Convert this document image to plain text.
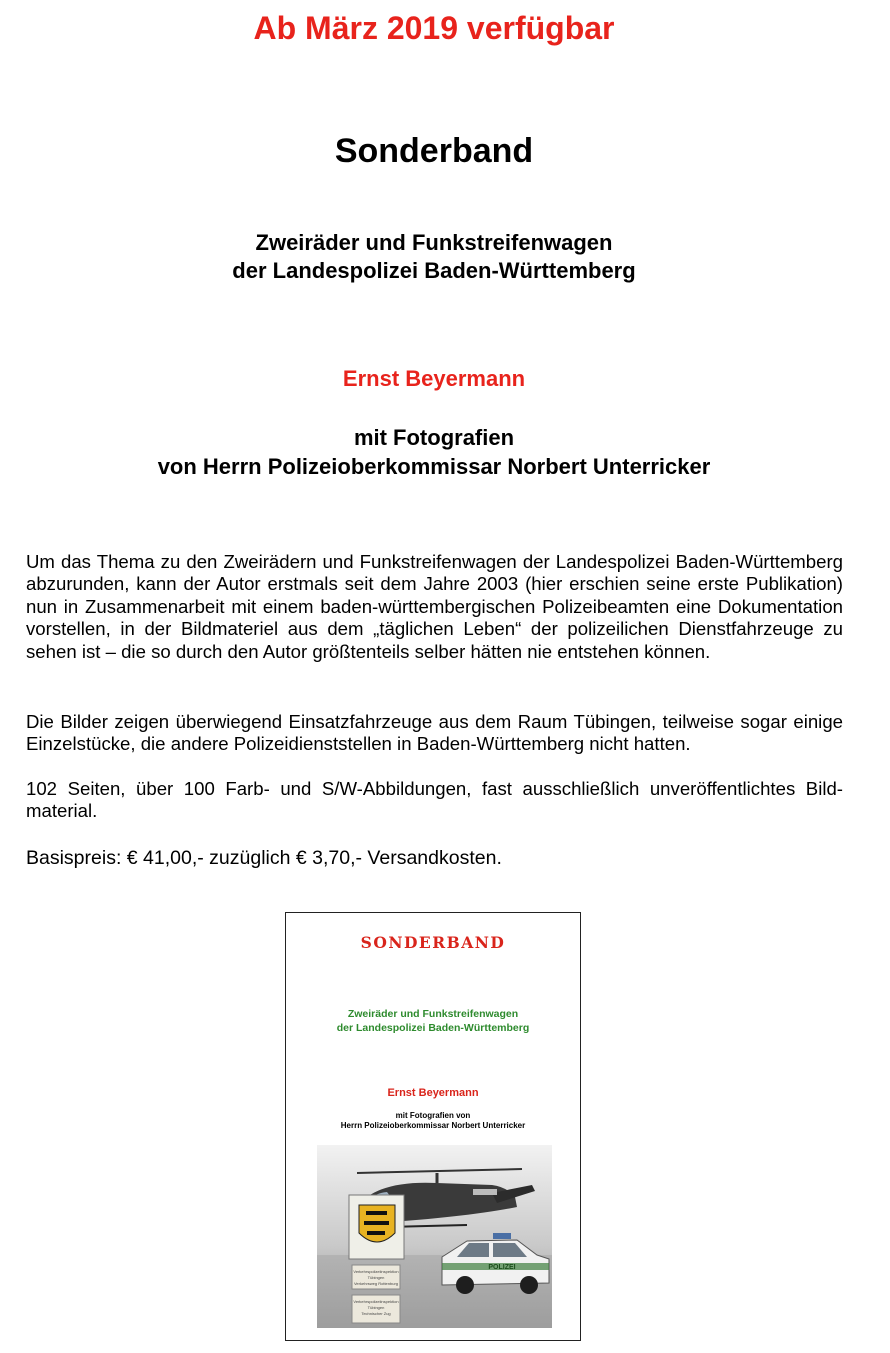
Ab März 2019 verfügbar
Sonderband
Zweiräder und Funkstreifenwagen
der Landespolizei Baden-Württemberg
Ernst Beyermann
mit Fotografien
von Herrn Polizeioberkommissar Norbert Unterricker

Um das Thema zu den Zweirädern und Funkstreifenwagen der Landespolizei Baden-Württemberg abzurunden, kann der Autor erstmals seit dem Jahre 2003 (hier erschien seine erste Publikation) nun in Zusammenarbeit mit einem baden-württembergischen Polizeibeamten eine Dokumentation vorstellen, in der Bildmateriel aus dem „täglichen Leben“ der polizeilichen Dienstfahrzeuge zu sehen ist – die so durch den Autor größtenteils selber hätten nie entstehen können.

Die Bilder zeigen überwiegend Einsatzfahrzeuge aus dem Raum Tübingen, teilweise sogar einige Einzelstücke, die andere Polizeidienststellen in Baden-Württemberg nicht hatten.

102 Seiten, über 100 Farb- und S/W-Abbildungen, fast ausschließlich unveröffentlichtes Bildmaterial.

Basispreis: € 41,00,- zuzüglich € 3,70,- Versandkosten.
SONDERBAND
Zweiräder und Funkstreifenwagen
der Landespolizei Baden-Württemberg
Ernst Beyermann
mit Fotografien von
Herrn Polizeioberkommissar Norbert Unterricker
POLIZEI
Verkehrspolizeiinspektion
Tübingen
Verkehrsweg Rottenburg
Verkehrspolizeiinspektion
Tübingen
Technischer Zug
